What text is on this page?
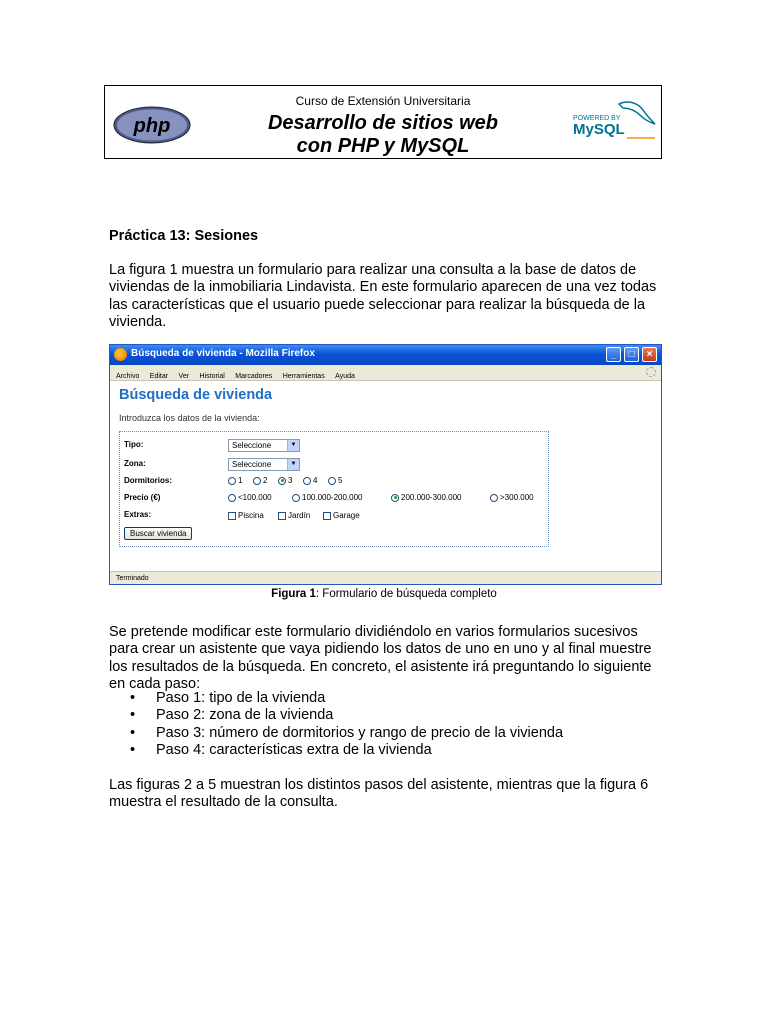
php
Curso de Extensión Universitaria
Desarrollo de sitios web
con PHP y MySQL
POWERED BY
MySQL
Práctica 13: Sesiones
La figura 1 muestra un formulario para realizar una consulta a la base de datos de viviendas de la inmobiliaria Lindavista. En este formulario aparecen de una vez todas las características que el usuario puede seleccionar para realizar la búsqueda de la vivienda.
Búsqueda de vivienda - Mozilla Firefox	_	□	×
Archivo Editar Ver Historial Marcadores Herramientas Ayuda
Búsqueda de vivienda
Introduzca los datos de la vivienda:
Tipo:	Seleccione	▼
Zona:	Seleccione	▼
Dormitorios:	1	2	3	4	5
Precio (€)	<100.000	100.000-200.000	200.000-300.000	>300.000
Extras:	Piscina	Jardín	Garage
Buscar vivienda
Terminado
Figura 1: Formulario de búsqueda completo
Se pretende modificar este formulario dividiéndolo en varios formularios sucesivos para crear un asistente que vaya pidiendo los datos de uno en uno y al final muestre los resultados de la búsqueda. En concreto, el asistente irá preguntando lo siguiente en cada paso:
• Paso 1: tipo de la vivienda
• Paso 2: zona de la vivienda
• Paso 3: número de dormitorios y rango de precio de la vivienda
• Paso 4: características extra de la vivienda
Las figuras 2 a 5 muestran los distintos pasos del asistente, mientras que la figura 6 muestra el resultado de la consulta.
